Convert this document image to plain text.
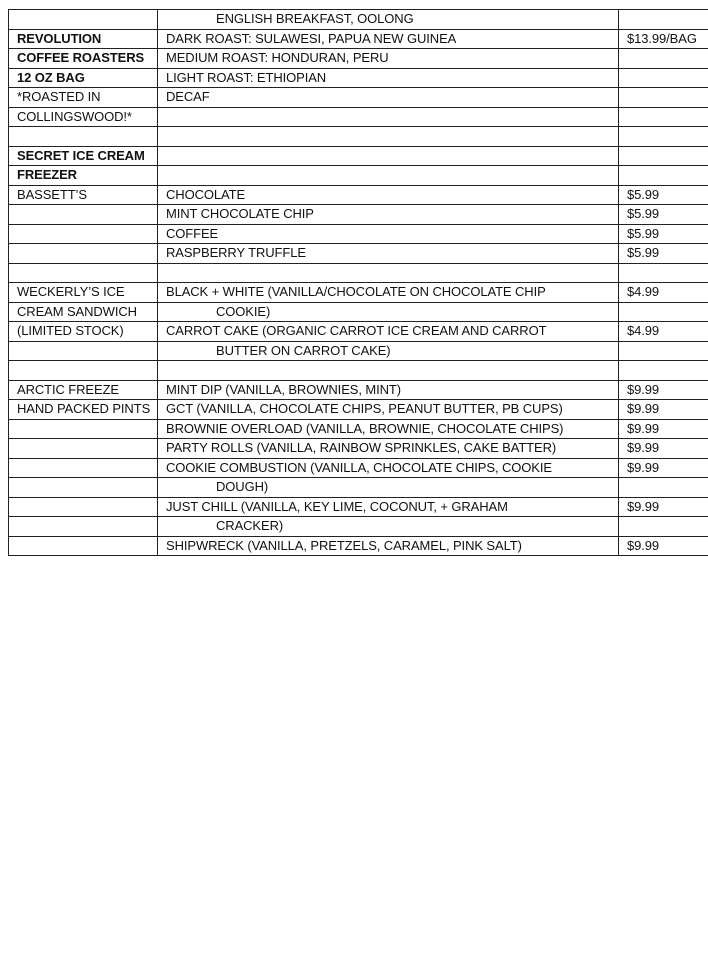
	ENGLISH BREAKFAST, OOLONG		
REVOLUTION	DARK ROAST: SULAWESI, PAPUA NEW GUINEA	$13.99/BAG	
COFFEE ROASTERS	MEDIUM ROAST: HONDURAN, PERU		
12 OZ BAG	LIGHT ROAST: ETHIOPIAN		
*ROASTED IN	DECAF		
COLLINGSWOOD!*			

SECRET ICE CREAM			
FREEZER			
BASSETT’S	CHOCOLATE	$5.99	
	MINT CHOCOLATE CHIP	$5.99	
	COFFEE	$5.99	
	RASPBERRY TRUFFLE	$5.99	

WECKERLY’S ICE	BLACK + WHITE (VANILLA/CHOCOLATE ON CHOCOLATE CHIP	$4.99	
CREAM SANDWICH	COOKIE)		
(LIMITED STOCK)	CARROT CAKE (ORGANIC CARROT ICE CREAM AND CARROT	$4.99	
	BUTTER ON CARROT CAKE)		

ARCTIC FREEZE	MINT DIP (VANILLA, BROWNIES, MINT)	$9.99	
HAND PACKED PINTS	GCT (VANILLA, CHOCOLATE CHIPS, PEANUT BUTTER, PB CUPS)	$9.99	
	BROWNIE OVERLOAD (VANILLA, BROWNIE, CHOCOLATE CHIPS)	$9.99	
	PARTY ROLLS (VANILLA, RAINBOW SPRINKLES, CAKE BATTER)	$9.99	
	COOKIE COMBUSTION (VANILLA, CHOCOLATE CHIPS, COOKIE	$9.99	
	DOUGH)		
	JUST CHILL (VANILLA, KEY LIME, COCONUT, + GRAHAM	$9.99	
	CRACKER)		
	SHIPWRECK (VANILLA, PRETZELS, CARAMEL, PINK SALT)	$9.99	
